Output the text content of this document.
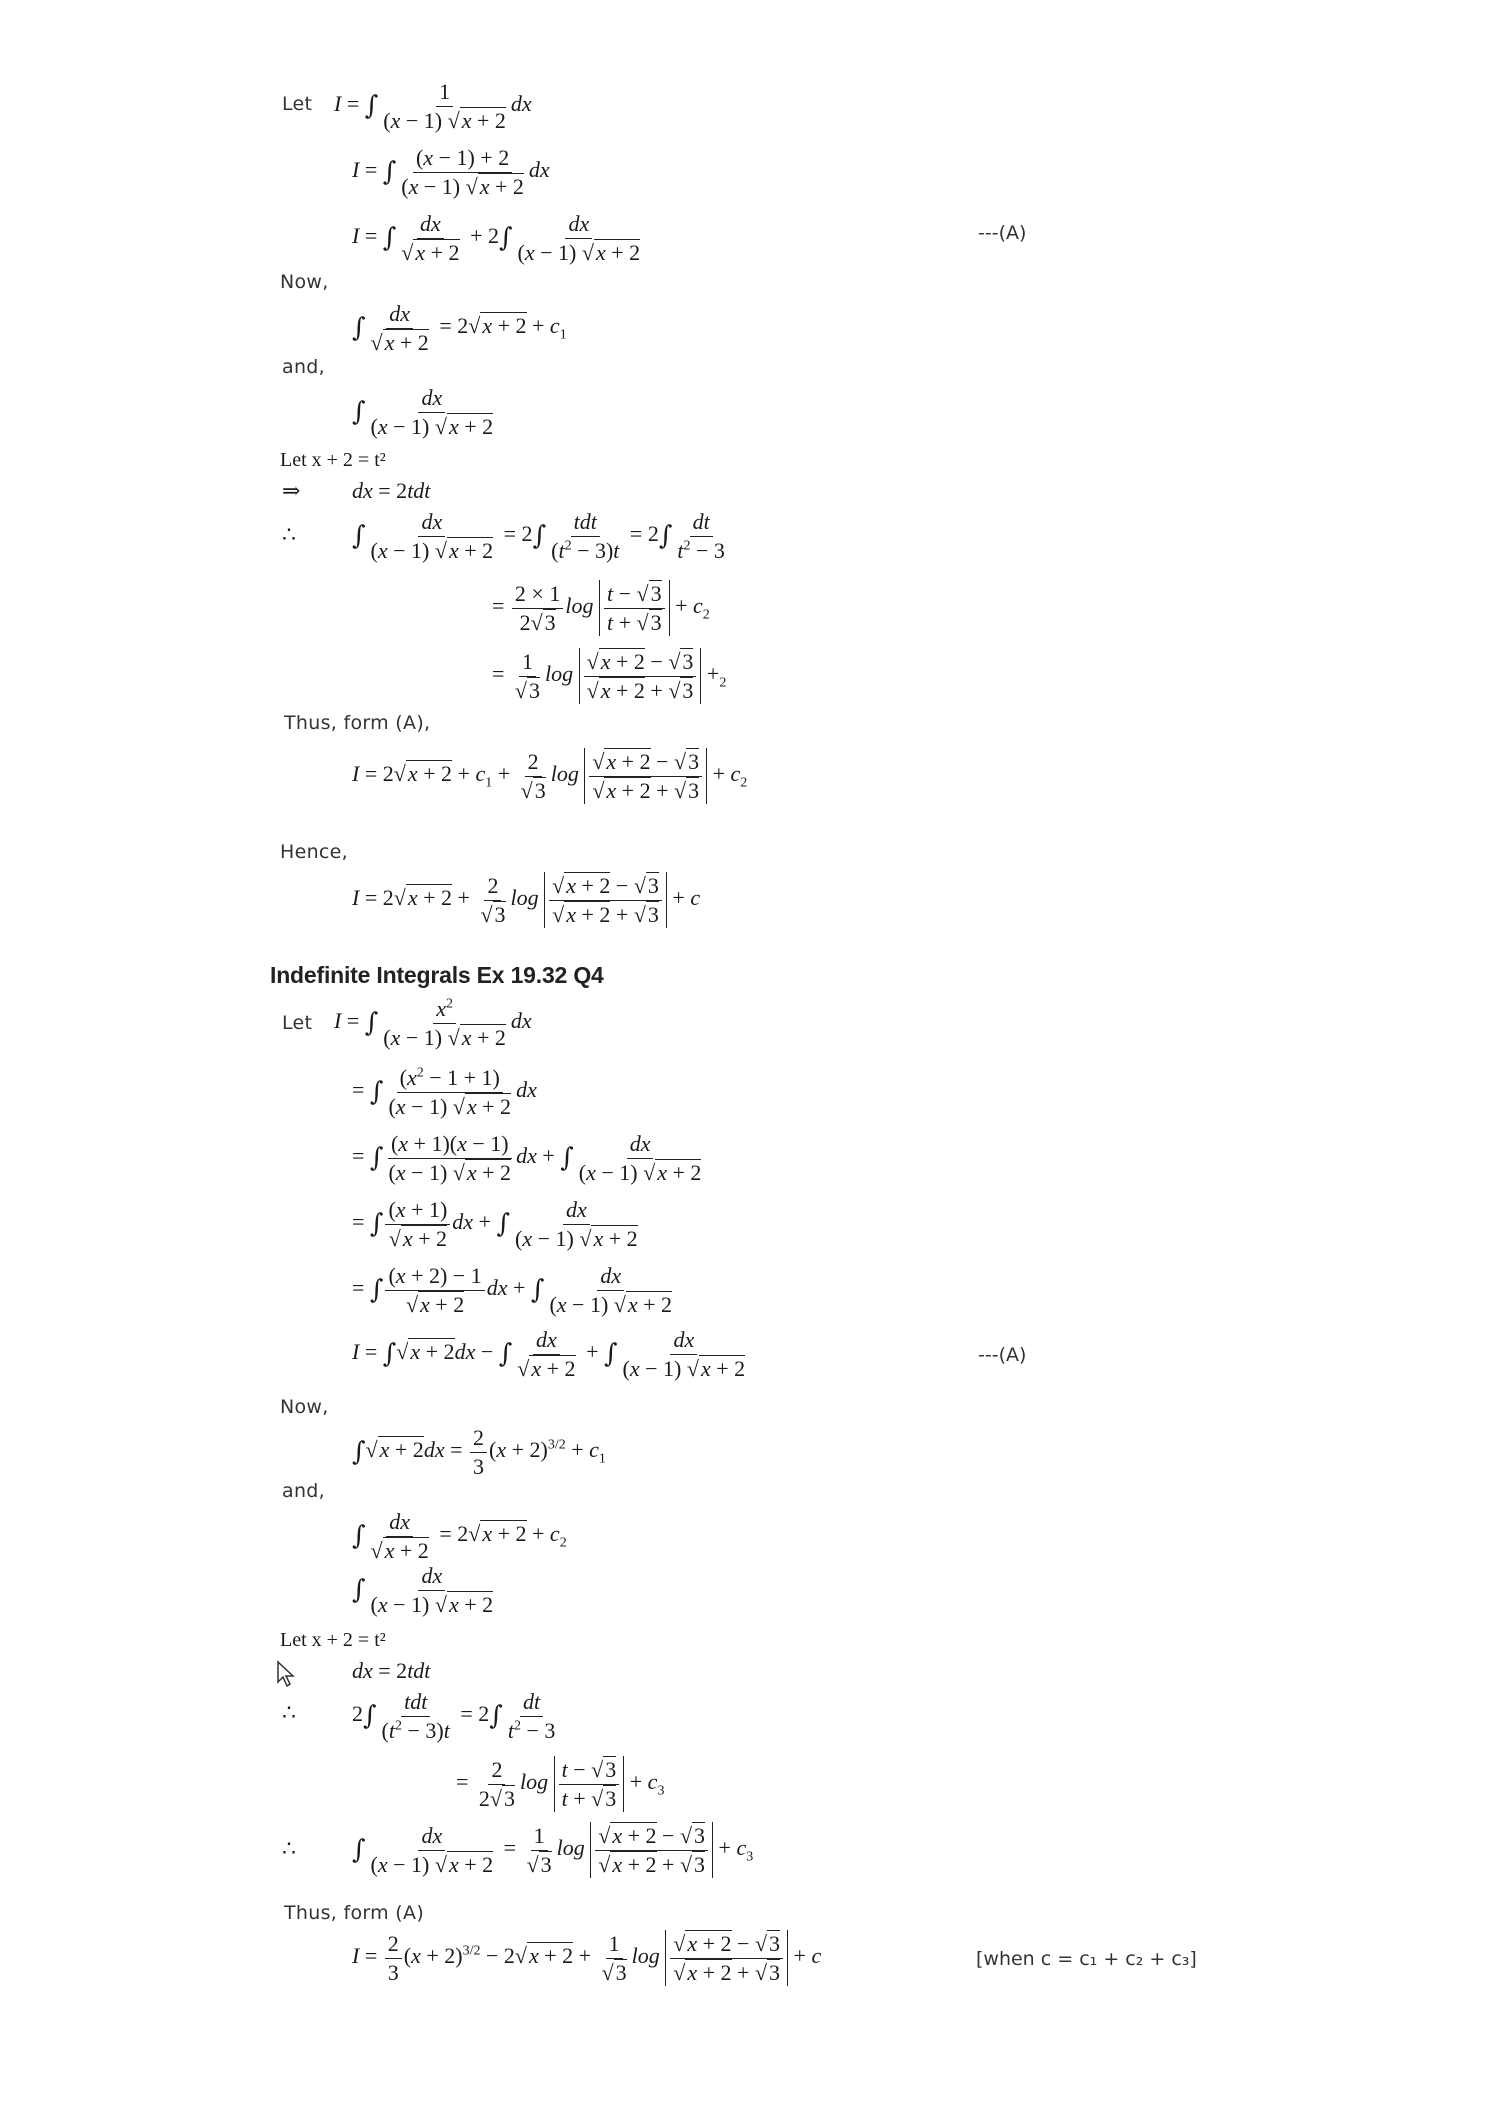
Let I = ∫ $\frac{1}{(x - 1) √ x + 2}$ dx
I = ∫ $\frac{(x - 1) + 2}{(x - 1) √ x + 2}$ dx
I = ∫ dx
√ $x + 2 + 2\int \frac{dx}{(x - 1) √ x + 2}$	---(A)
Now,
∫ dx
√ x + 2 = 2√ $x + 2 + c_1$
and,
∫ $\frac{dx}{(x - 1) √ x + 2}$
Let x + 2 = t²
⇒ dx = 2tdt
∴ ∫ $\frac{dx}{(x - 1) √ x + 2} = 2\int \frac{\text{tdt}}{(t^2 - 3)t} = 2\int \frac{dt}{t^2 - 3}$
= $\frac{2 \times 1}{2√ 3}$ $\log \frac{t - √ 3}{t + √ 3} + c_2$
= 1
√ 3 log
√ x + 2 − √ 3
√ x + 2 + √ $3 +_2$
Thus, form (A),
I = 2√ $x + 2 + c_1 + 2$
√ 3 log
√ x + 2 − √ 3
√ x + 2 + √ $3 + c_2$
Hence,
I = 2√ x + 2 + 2
√ 3 log
√ x + 2 − √ 3
√ x + 2 + √ 3 + c
Indefinite Integrals Ex 19.32 Q4
Let I = ∫ $\frac{x^2}{(x - 1) √ x + 2}$ dx
= ∫ $\frac{(x^2 - 1 + 1)}{(x - 1) √ x + 2}$ dx
= ∫ $\frac{(x + 1)(x - 1)}{(x - 1) √ x + 2}$ dx + ∫ $\frac{dx}{(x - 1) √ x + 2}$
= ∫ (x + 1)
√ x + 2 dx + ∫ $\frac{dx}{(x - 1) √ x + 2}$
= ∫ (x + 2) − 1
√ x + 2 dx + ∫ $\frac{dx}{(x - 1) √ x + 2}$
I = ∫√ x + 2dx − ∫ dx
√ x + 2 + ∫ $\frac{dx}{(x - 1) √ x + 2}$	---(A)
Now,
∫√ $x + 2dx = \frac{2}{3} (x + 2)^{3/2} + c_1$
and,
∫ dx
√ x + 2 = 2√ $x + 2 + c_2$
∫ $\frac{dx}{(x - 1) √ x + 2}$
Let x + 2 = t²
dx = 2tdt
∴	$2\int \frac{\text{tdt}}{(t^2 - 3)t} = 2\int \frac{dt}{t^2 - 3}$
= $\frac{2}{2√ 3}$ $\log \frac{t - √ 3}{t + √ 3} + c_3$
∴ ∫ $\frac{dx}{(x - 1) √ x + 2} = 1$
√ 3 log
√ x + 2 − √ 3
√ x + 2 + √ $3 + c_3$
Thus, form (A)
$I = \frac{2}{3} (x + 2)^{3/2} - 2√$ x + 2 + 1
√ 3 log
√ x + 2 − √ 3
√ x + 2 + √ 3 + c	[when c = c₁ + c₂ + c₃]
